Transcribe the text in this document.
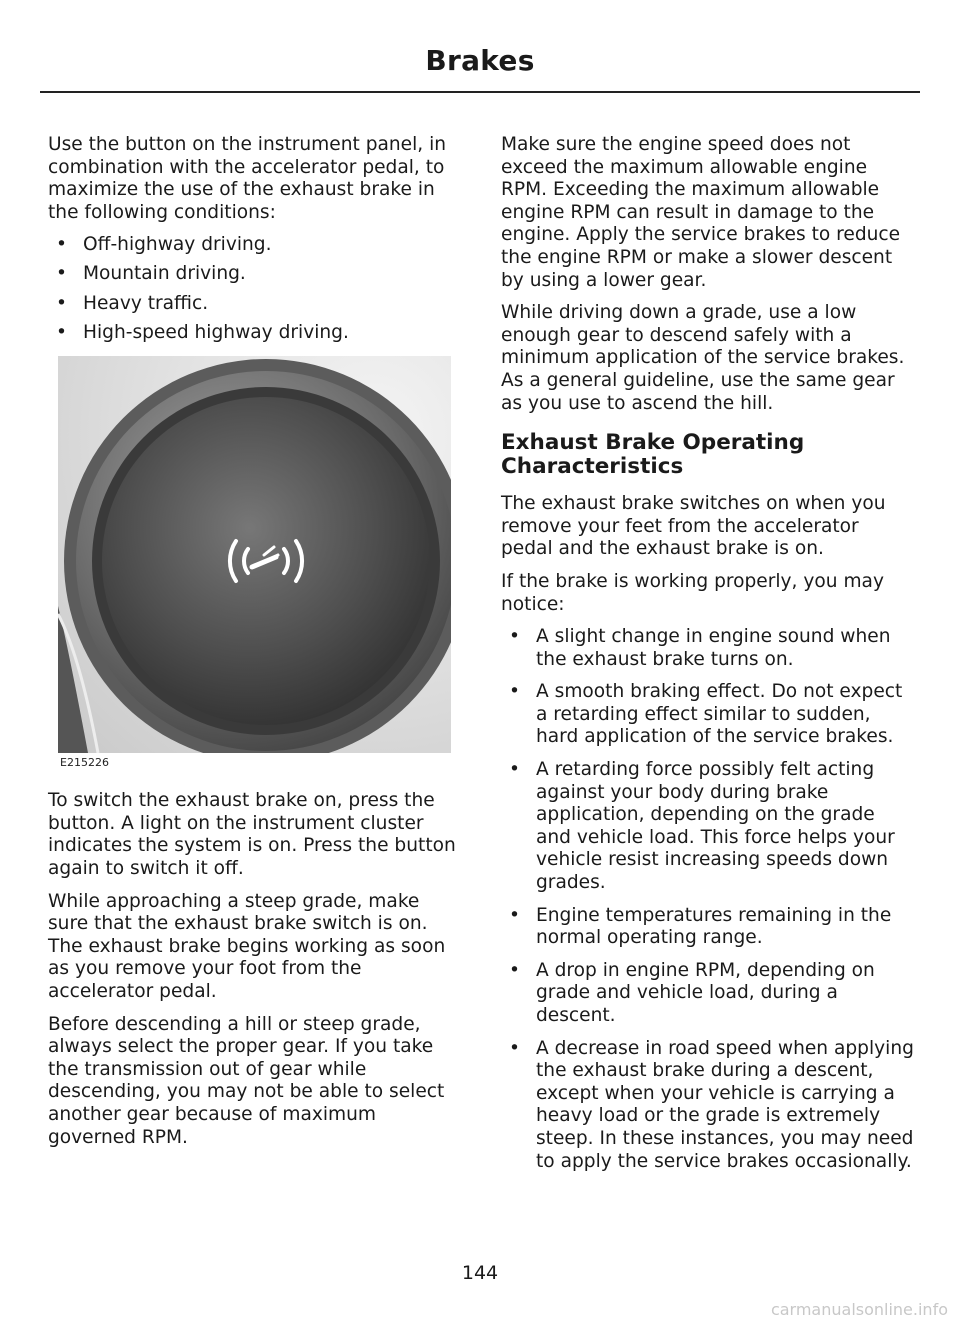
Brakes

Use the button on the instrument panel, in combination with the accelerator pedal, to maximize the use of the exhaust brake in the following conditions:

• Off-highway driving.
• Mountain driving.
• Heavy traffic.
• High-speed highway driving.
E215226

To switch the exhaust brake on, press the button. A light on the instrument cluster indicates the system is on. Press the button again to switch it off.

While approaching a steep grade, make sure that the exhaust brake switch is on. The exhaust brake begins working as soon as you remove your foot from the accelerator pedal.

Before descending a hill or steep grade, always select the proper gear. If you take the transmission out of gear while descending, you may not be able to select another gear because of maximum governed RPM.

Make sure the engine speed does not exceed the maximum allowable engine RPM. Exceeding the maximum allowable engine RPM can result in damage to the engine. Apply the service brakes to reduce the engine RPM or make a slower descent by using a lower gear.

While driving down a grade, use a low enough gear to descend safely with a minimum application of the service brakes. As a general guideline, use the same gear as you use to ascend the hill.

Exhaust Brake Operating Characteristics

The exhaust brake switches on when you remove your feet from the accelerator pedal and the exhaust brake is on.

If the brake is working properly, you may notice:

• A slight change in engine sound when the exhaust brake turns on.
• A smooth braking effect. Do not expect a retarding effect similar to sudden, hard application of the service brakes.
• A retarding force possibly felt acting against your body during brake application, depending on the grade and vehicle load. This force helps your vehicle resist increasing speeds down grades.
• Engine temperatures remaining in the normal operating range.
• A drop in engine RPM, depending on grade and vehicle load, during a descent.
• A decrease in road speed when applying the exhaust brake during a descent, except when your vehicle is carrying a heavy load or the grade is extremely steep. In these instances, you may need to apply the service brakes occasionally.
144
carmanualsonline.info
